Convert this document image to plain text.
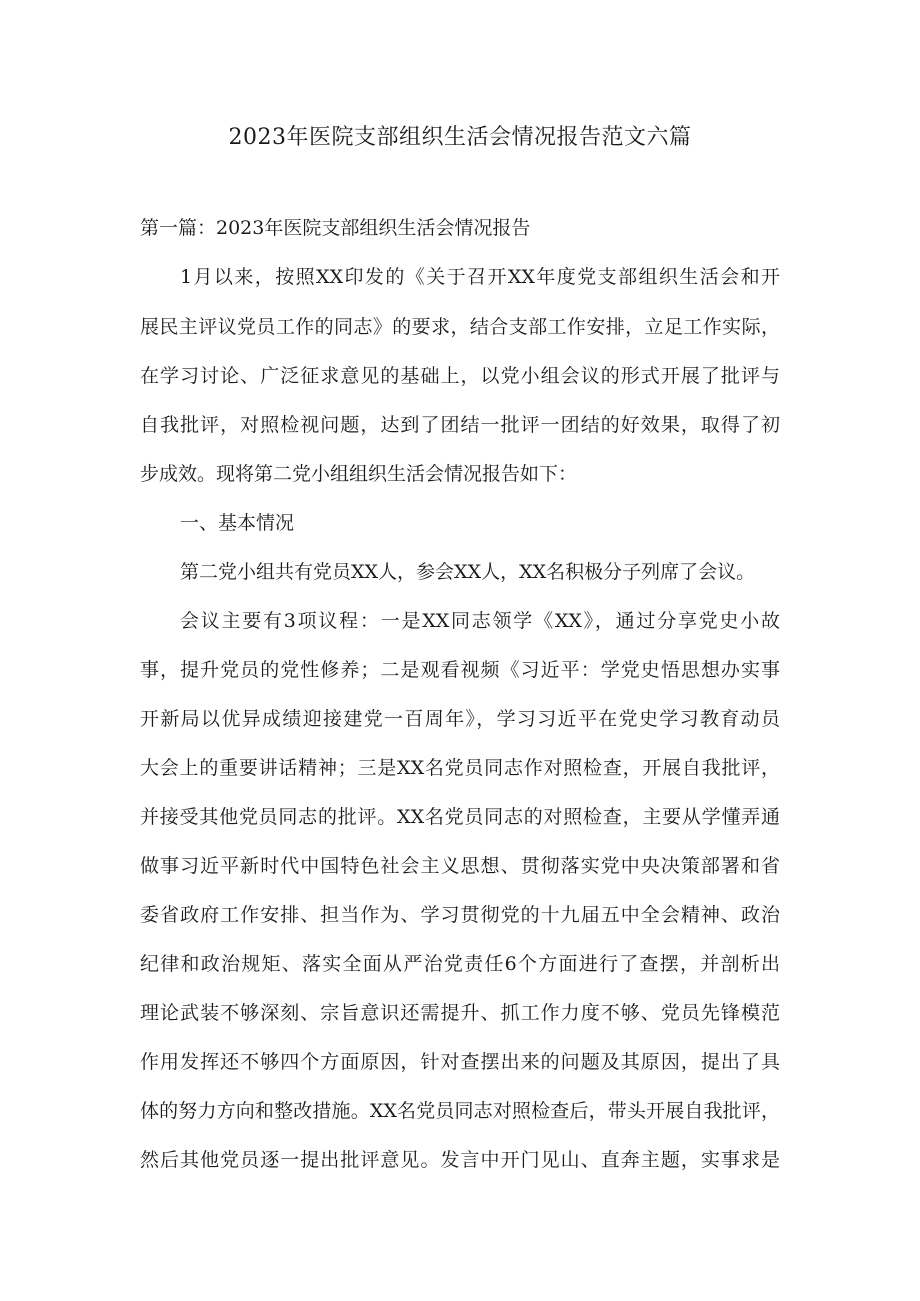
2023年医院支部组织生活会情况报告范文六篇

第一篇：2023年医院支部组织生活会情况报告

1月以来，按照XX印发的《关于召开XX年度党支部组织生活会和开

展民主评议党员工作的同志》的要求，结合支部工作安排，立足工作实际，

在学习讨论、广泛征求意见的基础上，以党小组会议的形式开展了批评与

自我批评，对照检视问题，达到了团结一批评一团结的好效果，取得了初

步成效。现将第二党小组组织生活会情况报告如下：

一、基本情况

第二党小组共有党员XX人，参会XX人，XX名积极分子列席了会议。

会议主要有3项议程：一是XX同志领学《XX》，通过分享党史小故

事，提升党员的党性修养；二是观看视频《习近平：学党史悟思想办实事

开新局以优异成绩迎接建党一百周年》，学习习近平在党史学习教育动员

大会上的重要讲话精神；三是XX名党员同志作对照检查，开展自我批评，

并接受其他党员同志的批评。XX名党员同志的对照检查，主要从学懂弄通

做事习近平新时代中国特色社会主义思想、贯彻落实党中央决策部署和省

委省政府工作安排、担当作为、学习贯彻党的十九届五中全会精神、政治

纪律和政治规矩、落实全面从严治党责任6个方面进行了查摆，并剖析出

理论武装不够深刻、宗旨意识还需提升、抓工作力度不够、党员先锋模范

作用发挥还不够四个方面原因，针对查摆出来的问题及其原因，提出了具

体的努力方向和整改措施。XX名党员同志对照检查后，带头开展自我批评，

然后其他党员逐一提出批评意见。发言中开门见山、直奔主题，实事求是
